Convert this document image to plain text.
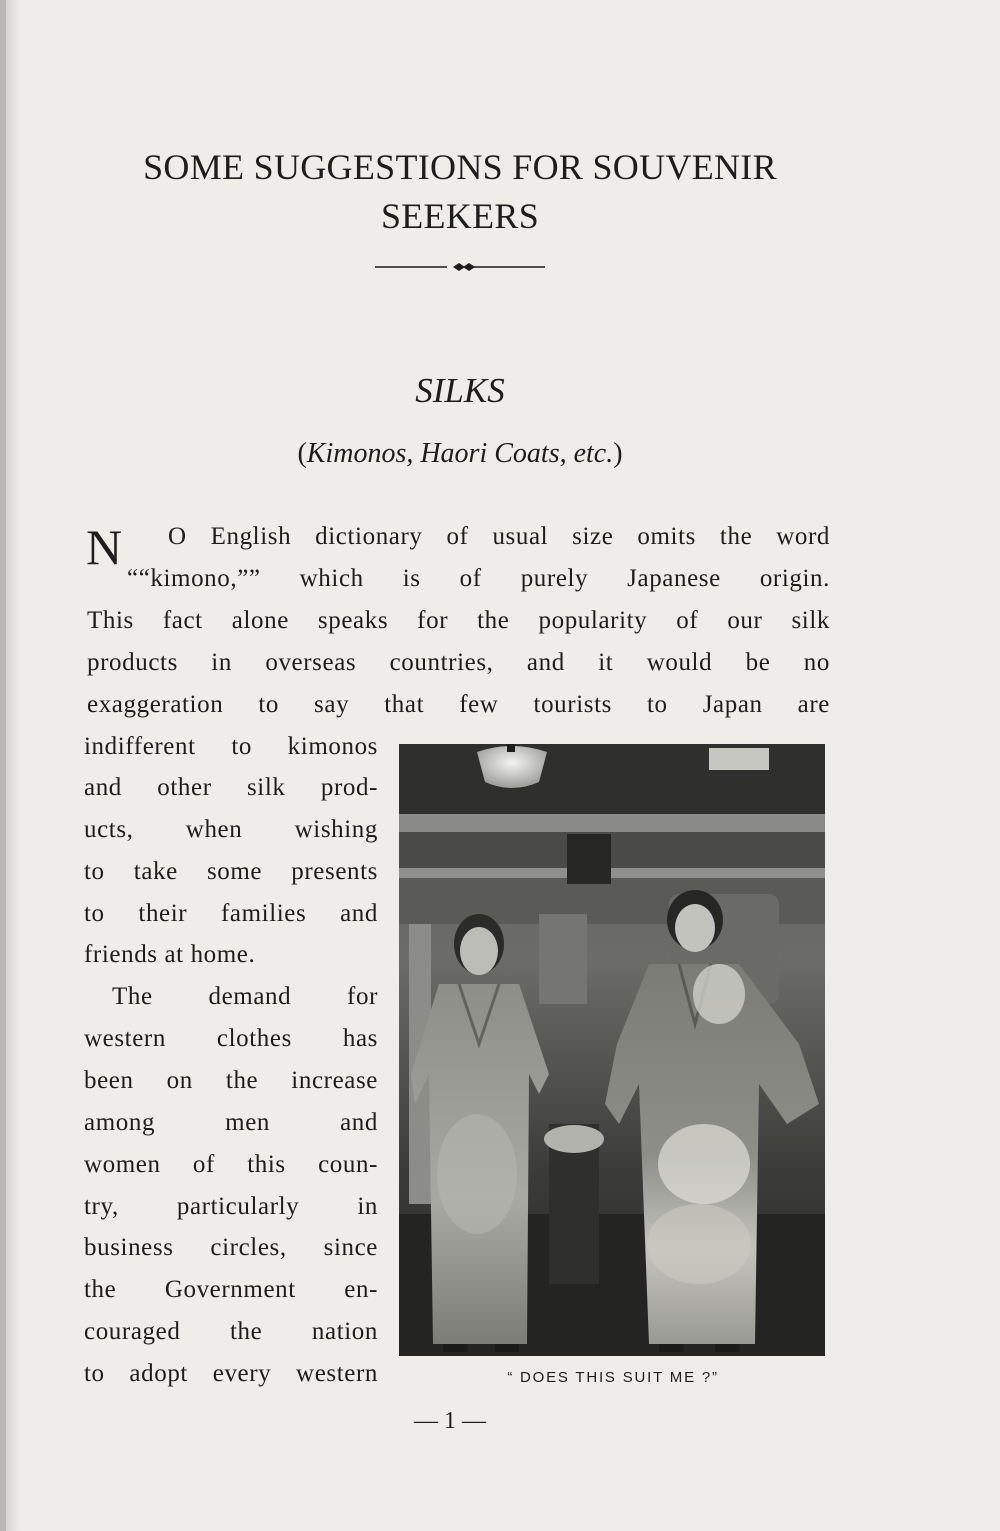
SOME SUGGESTIONS FOR SOUVENIR
SEEKERS
SILKS
(Kimonos, Haori Coats, etc.)
N O English dictionary of usual size omits the word
““kimono,”” which is of purely Japanese origin.
This fact alone speaks for the popularity of our silk
products in overseas countries, and it would be no
exaggeration to say that few tourists to Japan are
indifferent to kimonos
and other silk prod-
ucts, when wishing
to take some presents
to their families and
friends at home.
The demand for
western clothes has
been on the increase
among men and
women of this coun-
try, particularly in
business circles, since
the Government en-
couraged the nation
to adopt every western	“ DOES THIS SUIT ME ?”
— 1 —
